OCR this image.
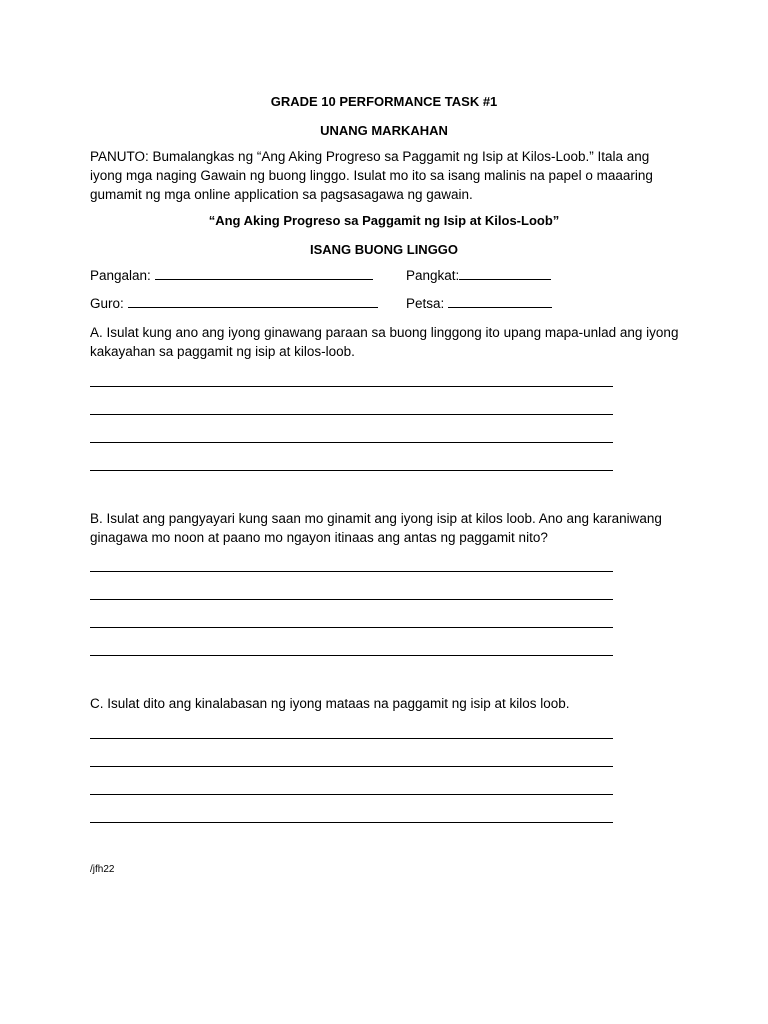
GRADE 10 PERFORMANCE TASK #1
UNANG MARKAHAN
PANUTO: Bumalangkas ng “Ang Aking Progreso sa Paggamit ng Isip at Kilos-Loob.” Itala ang iyong mga naging Gawain ng buong linggo. Isulat mo ito sa isang malinis na papel o maaaring gumamit ng mga online application sa pagsasagawa ng gawain.
“Ang Aking Progreso sa Paggamit ng Isip at Kilos-Loob”
ISANG BUONG LINGGO
Pangalan:	Pangkat:
Guro:	Petsa:
A. Isulat kung ano ang iyong ginawang paraan sa buong linggong ito upang mapa-unlad ang iyong kakayahan sa paggamit ng isip at kilos-loob.
B. Isulat ang pangyayari kung saan mo ginamit ang iyong isip at kilos loob. Ano ang karaniwang ginagawa mo noon at paano mo ngayon itinaas ang antas ng paggamit nito?
C. Isulat dito ang kinalabasan ng iyong mataas na paggamit ng isip at kilos loob.
/jfh22
